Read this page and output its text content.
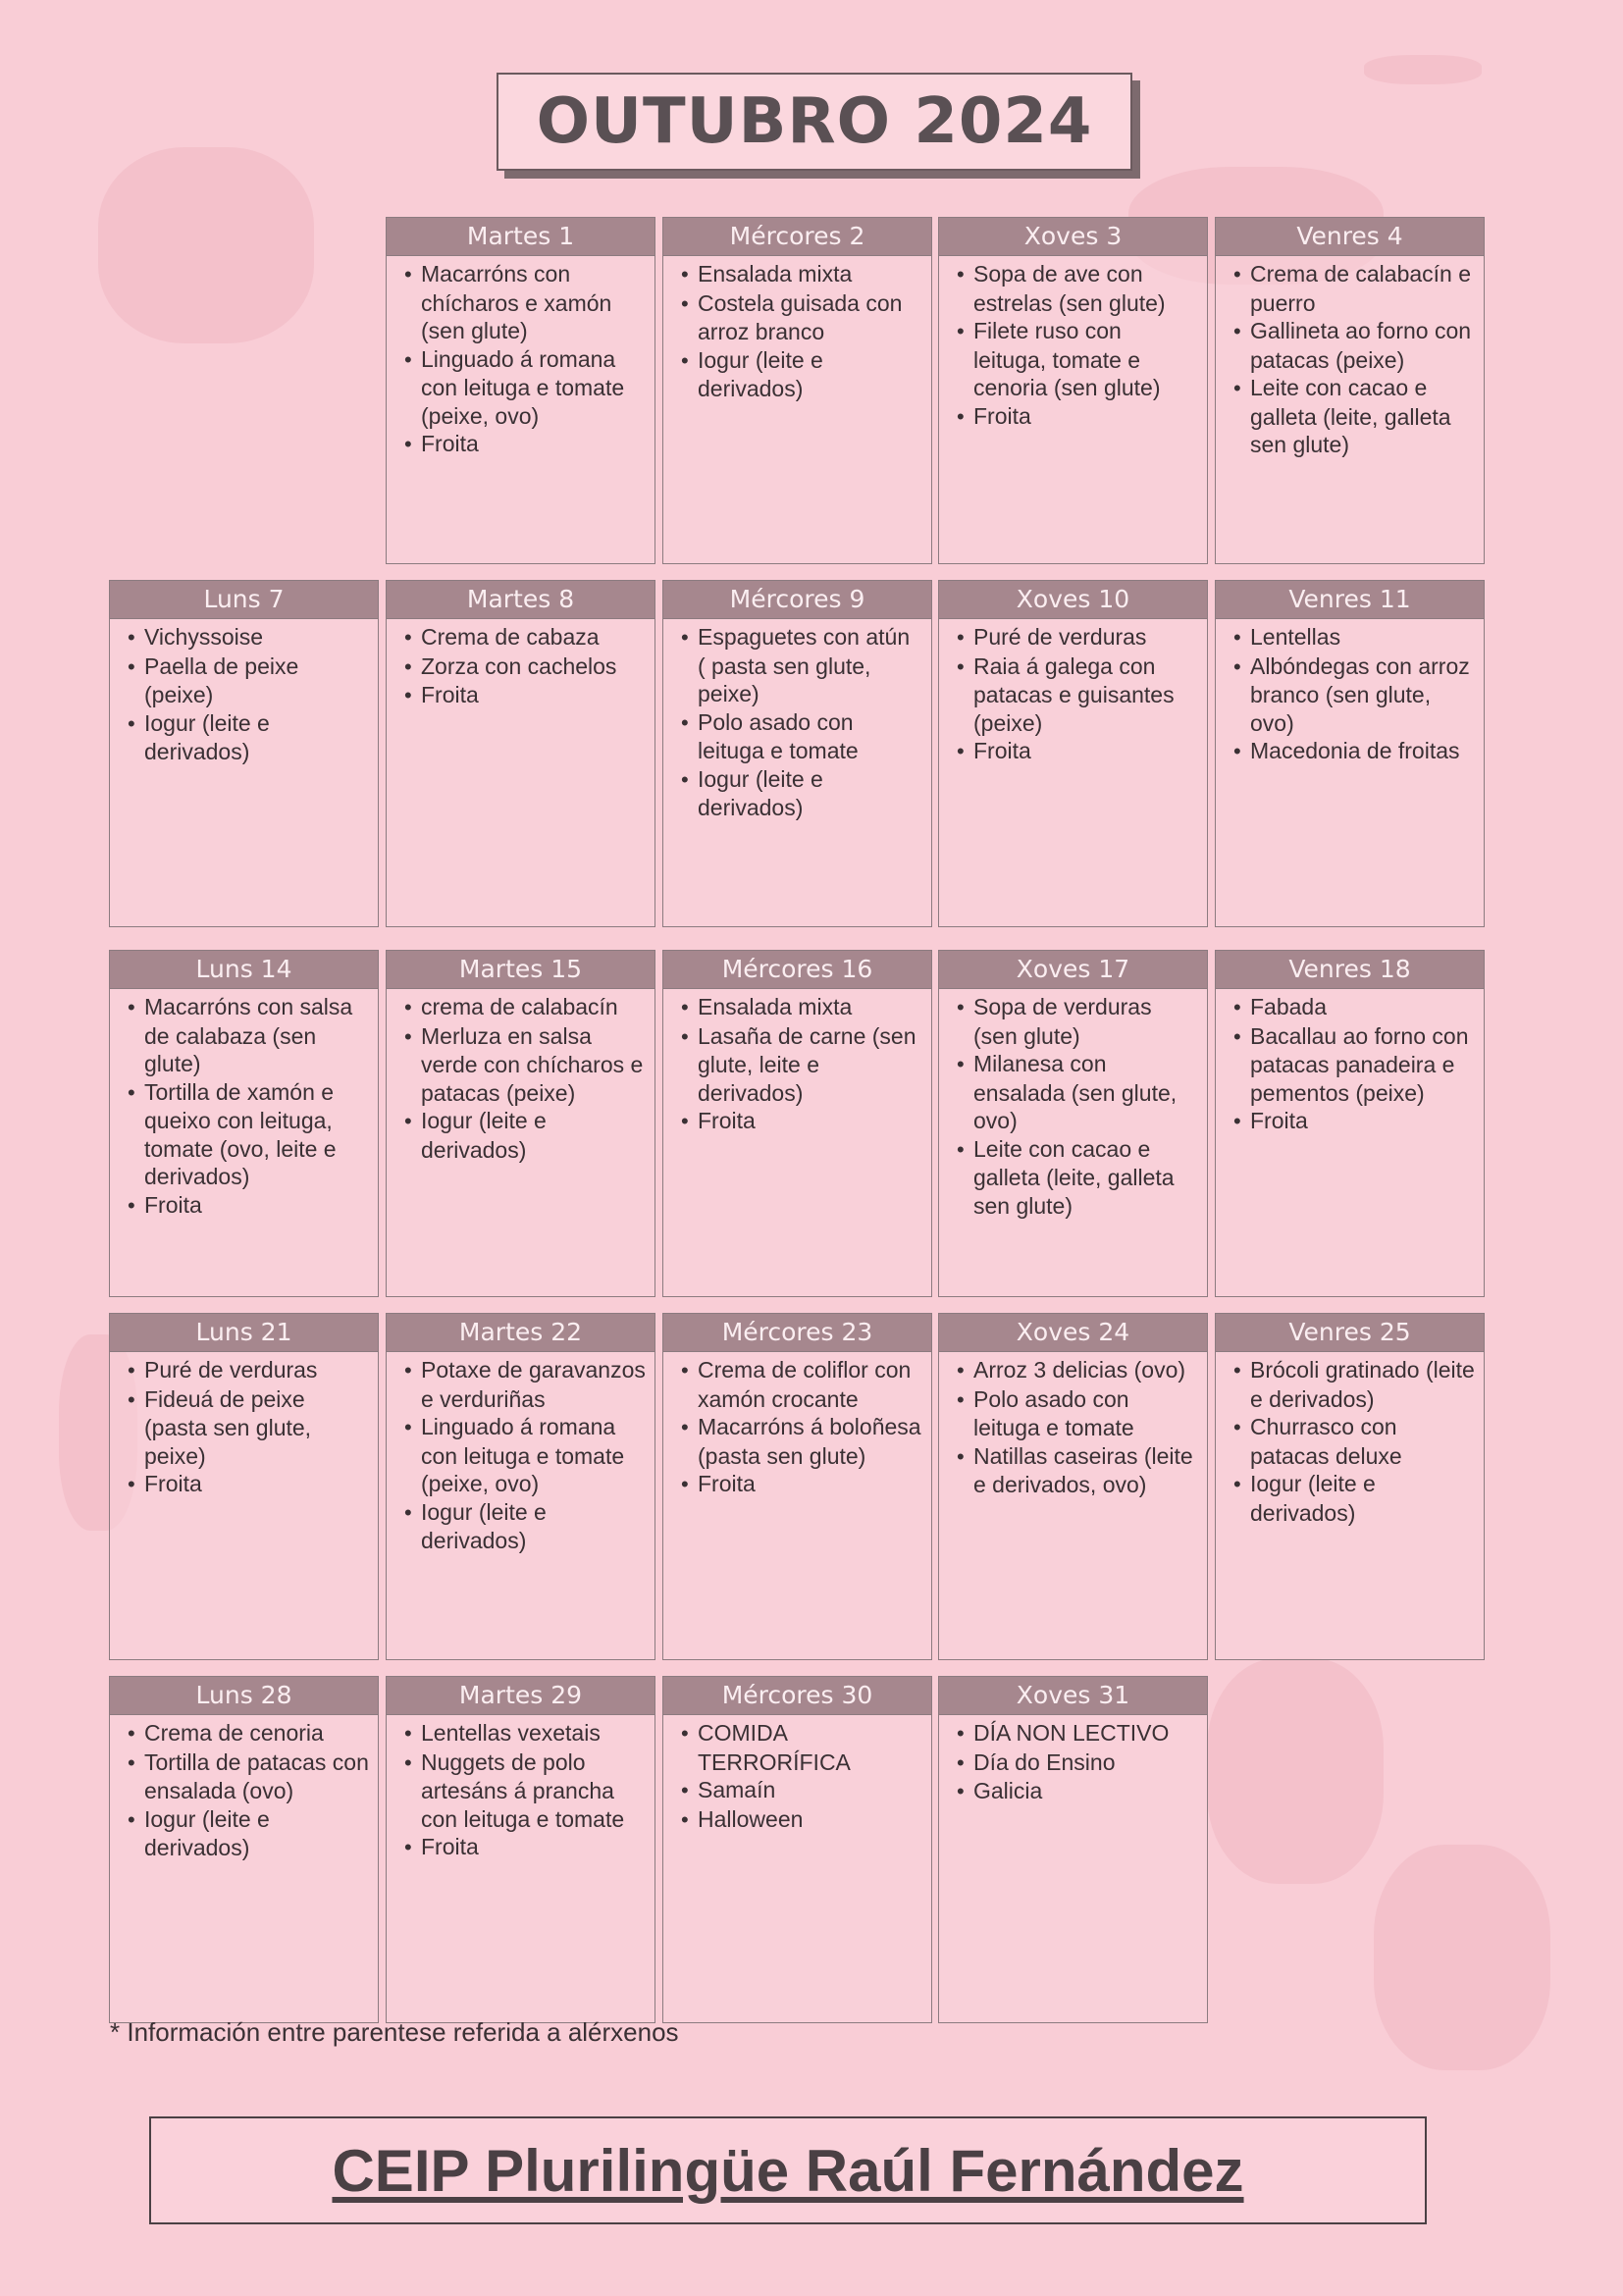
OUTUBRO 2024
Martes 1
• Macarróns con chícharos e xamón (sen glute)
• Linguado á romana con leituga e tomate (peixe, ovo)
• Froita
Mércores 2
• Ensalada mixta
• Costela guisada con arroz branco
• Iogur (leite e derivados)
Xoves 3
• Sopa de ave con estrelas (sen glute)
• Filete ruso con leituga, tomate e cenoria (sen glute)
• Froita
Venres 4
• Crema de calabacín e puerro
• Gallineta ao forno con patacas (peixe)
• Leite con cacao e galleta (leite, galleta sen glute)
Luns 7
• Vichyssoise
• Paella de peixe (peixe)
• Iogur (leite e derivados)
Martes 8
• Crema de cabaza
• Zorza con cachelos
• Froita
Mércores 9
• Espaguetes con atún ( pasta sen glute, peixe)
• Polo asado con leituga e tomate
• Iogur (leite e derivados)
Xoves 10
• Puré de verduras
• Raia á galega con patacas e guisantes (peixe)
• Froita
Venres 11
• Lentellas
• Albóndegas con arroz branco (sen glute, ovo)
• Macedonia de froitas
Luns 14
• Macarróns con salsa de calabaza (sen glute)
• Tortilla de xamón e queixo con leituga, tomate (ovo, leite e derivados)
• Froita
Martes 15
• crema de calabacín
• Merluza en salsa verde con chícharos e patacas (peixe)
• Iogur (leite e derivados)
Mércores 16
• Ensalada mixta
• Lasaña de carne (sen glute, leite e derivados)
• Froita
Xoves 17
• Sopa de verduras (sen glute)
• Milanesa con ensalada (sen glute, ovo)
• Leite con cacao e galleta (leite, galleta sen glute)
Venres 18
• Fabada
• Bacallau ao forno con patacas panadeira e pementos (peixe)
• Froita
Luns 21
• Puré de verduras
• Fideuá de peixe (pasta sen glute, peixe)
• Froita
Martes 22
• Potaxe de garavanzos e verduriñas
• Linguado á romana con leituga e tomate (peixe, ovo)
• Iogur (leite e derivados)
Mércores 23
• Crema de coliflor con xamón crocante
• Macarróns á boloñesa (pasta sen glute)
• Froita
Xoves 24
• Arroz 3 delicias (ovo)
• Polo asado con leituga e tomate
• Natillas caseiras (leite e derivados, ovo)
Venres 25
• Brócoli gratinado (leite e derivados)
• Churrasco con patacas deluxe
• Iogur (leite e derivados)
Luns 28
• Crema de cenoria
• Tortilla de patacas con ensalada (ovo)
• Iogur (leite e derivados)
Martes 29
• Lentellas vexetais
• Nuggets de polo artesáns á prancha con leituga e tomate
• Froita
Mércores 30
• COMIDA TERRORÍFICA
• Samaín
• Halloween
Xoves 31
• DÍA NON LECTIVO
• Día do Ensino
• Galicia
* Información entre parentese referida a alérxenos
CEIP Plurilingüe Raúl Fernández
